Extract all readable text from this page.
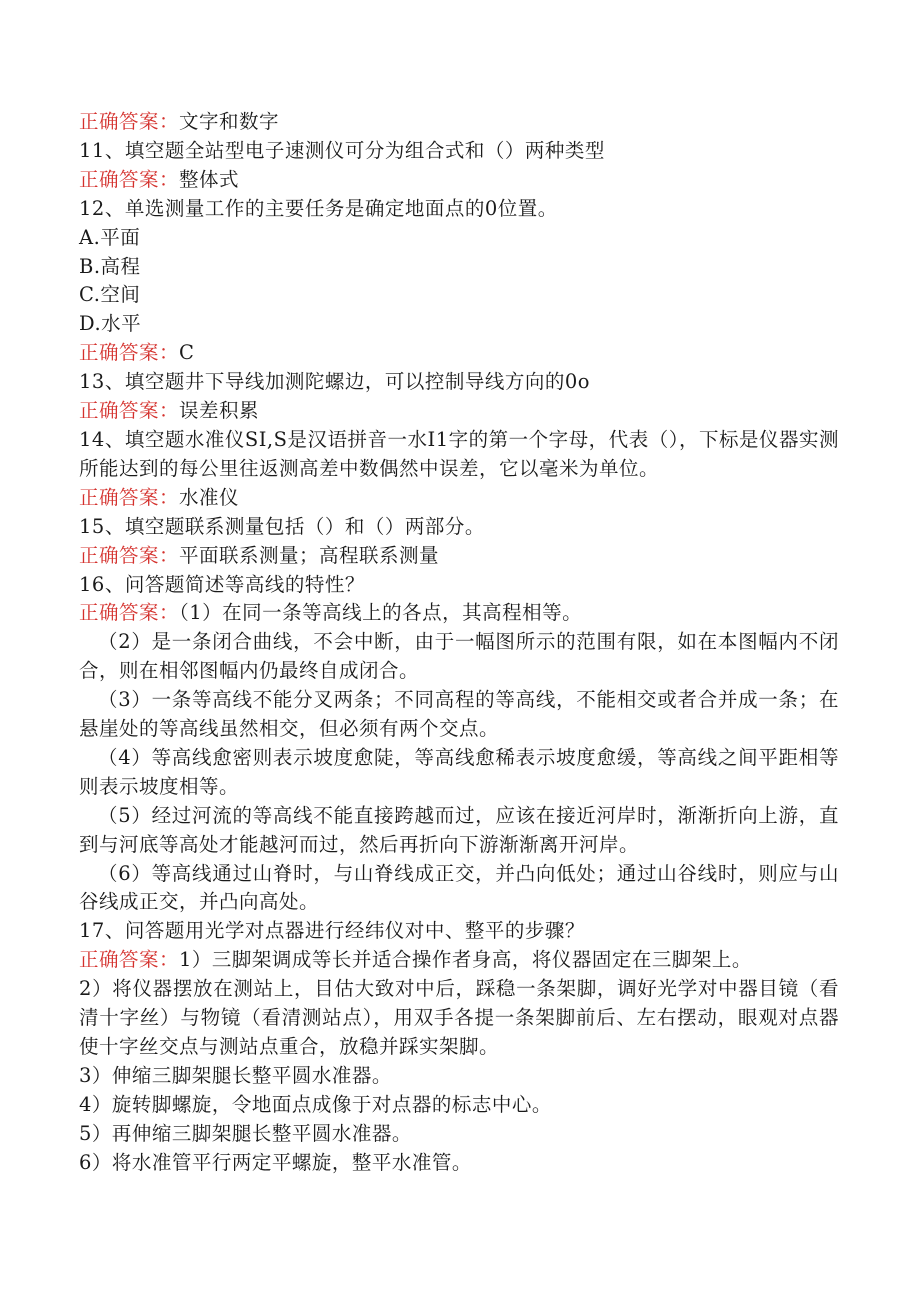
正确答案：文字和数字
11、填空题全站型电子速测仪可分为组合式和（）两种类型
正确答案：整体式
12、单选测量工作的主要任务是确定地面点的0位置。
A.平面
B.高程
C.空间
D.水平
正确答案：C
13、填空题井下导线加测陀螺边，可以控制导线方向的0o
正确答案：误差积累
14、填空题水准仪SI,S是汉语拼音一水I1字的第一个字母，代表（），下标是仪器实测所能达到的每公里往返测高差中数偶然中误差，它以毫米为单位。
正确答案：水准仪
15、填空题联系测量包括（）和（）两部分。
正确答案：平面联系测量；高程联系测量
16、问答题简述等高线的特性？
正确答案：（1）在同一条等高线上的各点，其高程相等。
（2）是一条闭合曲线，不会中断，由于一幅图所示的范围有限，如在本图幅内不闭合，则在相邻图幅内仍最终自成闭合。
（3）一条等高线不能分叉两条；不同高程的等高线，不能相交或者合并成一条；在悬崖处的等高线虽然相交，但必须有两个交点。
（4）等高线愈密则表示坡度愈陡，等高线愈稀表示坡度愈缓，等高线之间平距相等则表示坡度相等。
（5）经过河流的等高线不能直接跨越而过，应该在接近河岸时，渐渐折向上游，直到与河底等高处才能越河而过，然后再折向下游渐渐离开河岸。
（6）等高线通过山脊时，与山脊线成正交，并凸向低处；通过山谷线时，则应与山谷线成正交，并凸向高处。
17、问答题用光学对点器进行经纬仪对中、整平的步骤？
正确答案：1）三脚架调成等长并适合操作者身高，将仪器固定在三脚架上。
2）将仪器摆放在测站上，目估大致对中后，踩稳一条架脚，调好光学对中器目镜（看清十字丝）与物镜（看清测站点），用双手各提一条架脚前后、左右摆动，眼观对点器使十字丝交点与测站点重合，放稳并踩实架脚。
3）伸缩三脚架腿长整平圆水准器。
4）旋转脚螺旋，令地面点成像于对点器的标志中心。
5）再伸缩三脚架腿长整平圆水准器。
6）将水准管平行两定平螺旋，整平水准管。
